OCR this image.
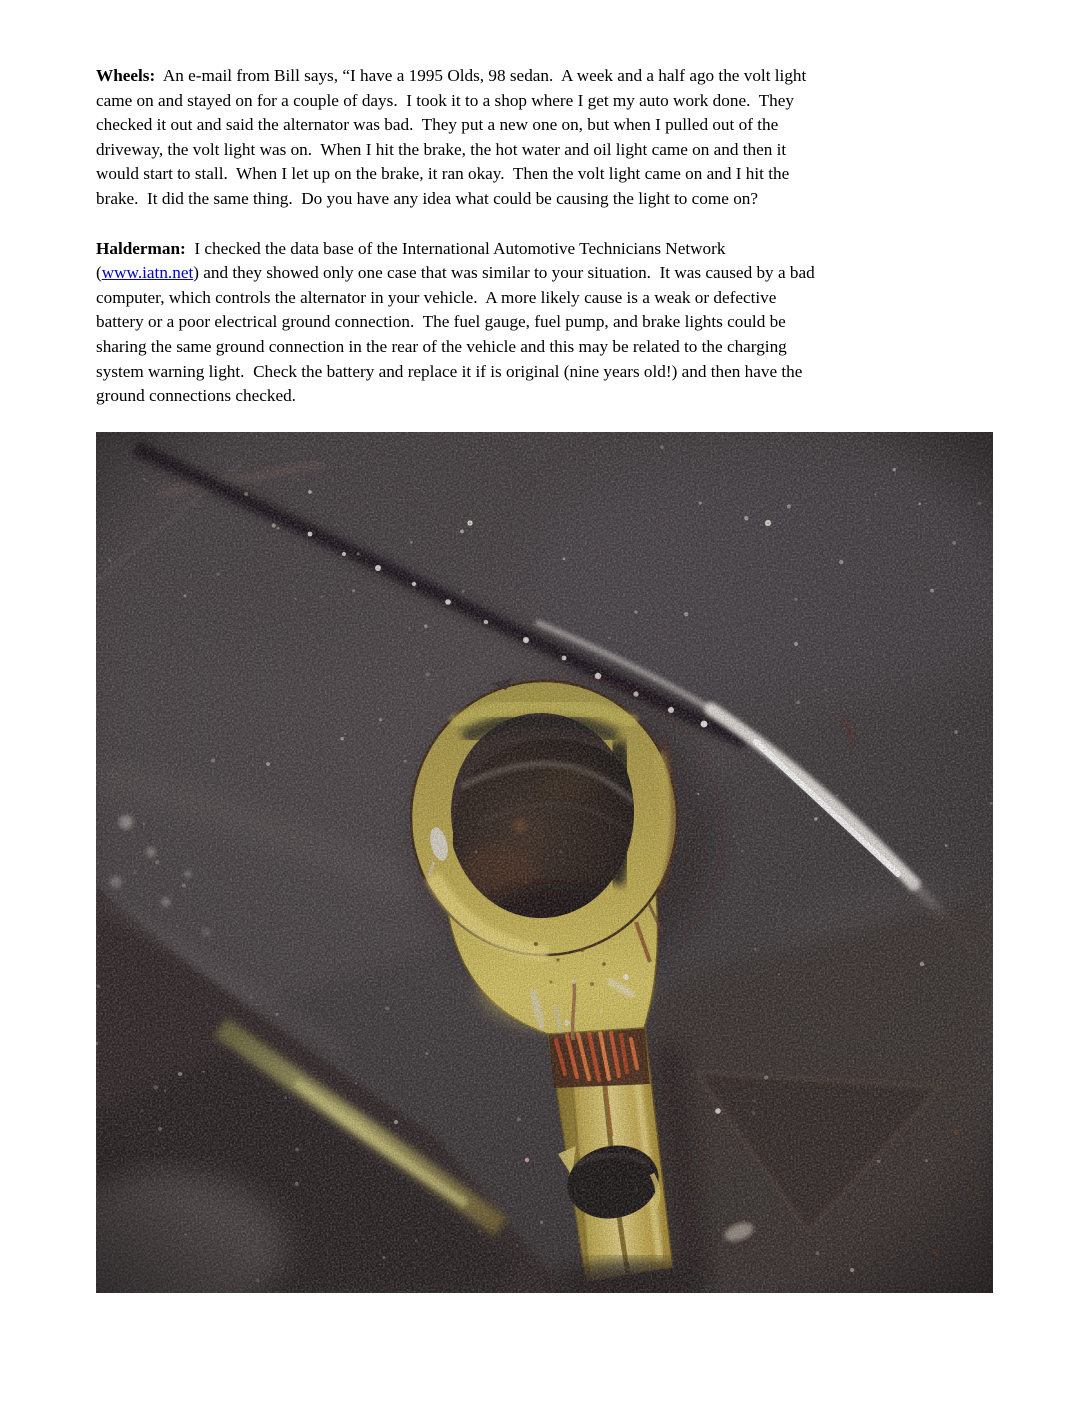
Wheels:  An e-mail from Bill says, “I have a 1995 Olds, 98 sedan.  A week and a half ago the volt light
came on and stayed on for a couple of days.  I took it to a shop where I get my auto work done.  They
checked it out and said the alternator was bad.  They put a new one on, but when I pulled out of the
driveway, the volt light was on.  When I hit the brake, the hot water and oil light came on and then it
would start to stall.  When I let up on the brake, it ran okay.  Then the volt light came on and I hit the
brake.  It did the same thing.  Do you have any idea what could be causing the light to come on?
Halderman:  I checked the data base of the International Automotive Technicians Network
(www.iatn.net) and they showed only one case that was similar to your situation.  It was caused by a bad
computer, which controls the alternator in your vehicle.  A more likely cause is a weak or defective
battery or a poor electrical ground connection.  The fuel gauge, fuel pump, and brake lights could be
sharing the same ground connection in the rear of the vehicle and this may be related to the charging
system warning light.  Check the battery and replace it if is original (nine years old!) and then have the
ground connections checked.
